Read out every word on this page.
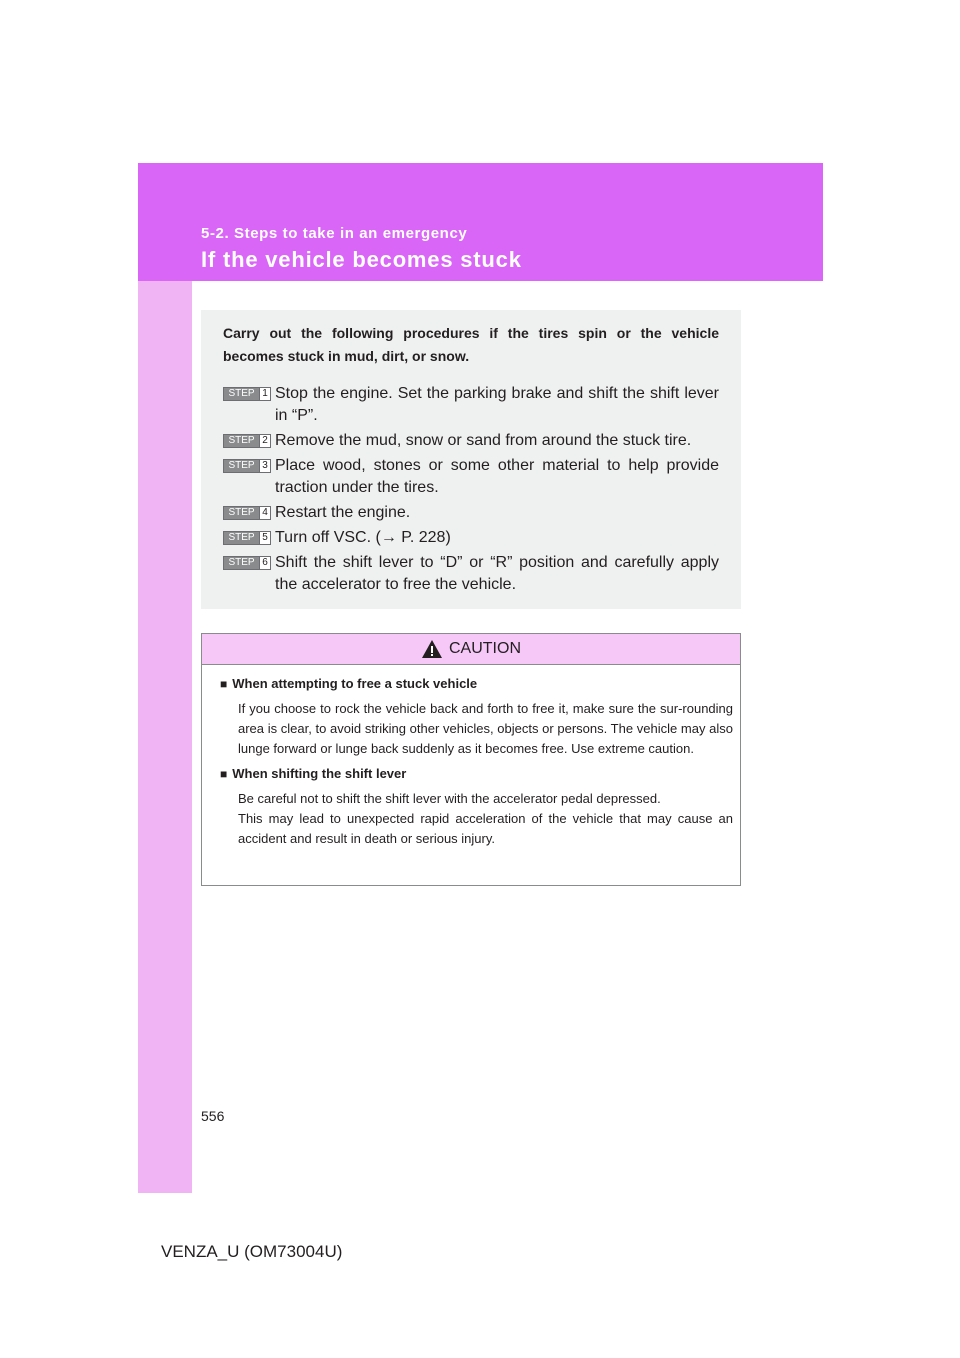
5-2. Steps to take in an emergency
If the vehicle becomes stuck

Carry out the following procedures if the tires spin or the vehicle
becomes stuck in mud, dirt, or snow.

STEP 1 Stop the engine. Set the parking brake and shift the shift lever in “P”.
STEP 2 Remove the mud, snow or sand from around the stuck tire.
STEP 3 Place wood, stones or some other material to help provide traction under the tires.
STEP 4 Restart the engine.
STEP 5 Turn off VSC. (→ P. 228)
STEP 6 Shift the shift lever to “D” or “R” position and carefully apply the accelerator to free the vehicle.
CAUTION

■ When attempting to free a stuck vehicle

If you choose to rock the vehicle back and forth to free it, make sure the sur-rounding area is clear, to avoid striking other vehicles, objects or persons. The vehicle may also lunge forward or lunge back suddenly as it becomes free. Use extreme caution.

■ When shifting the shift lever

Be careful not to shift the shift lever with the accelerator pedal depressed.

This may lead to unexpected rapid acceleration of the vehicle that may cause an accident and result in death or serious injury.

556
VENZA_U (OM73004U)
